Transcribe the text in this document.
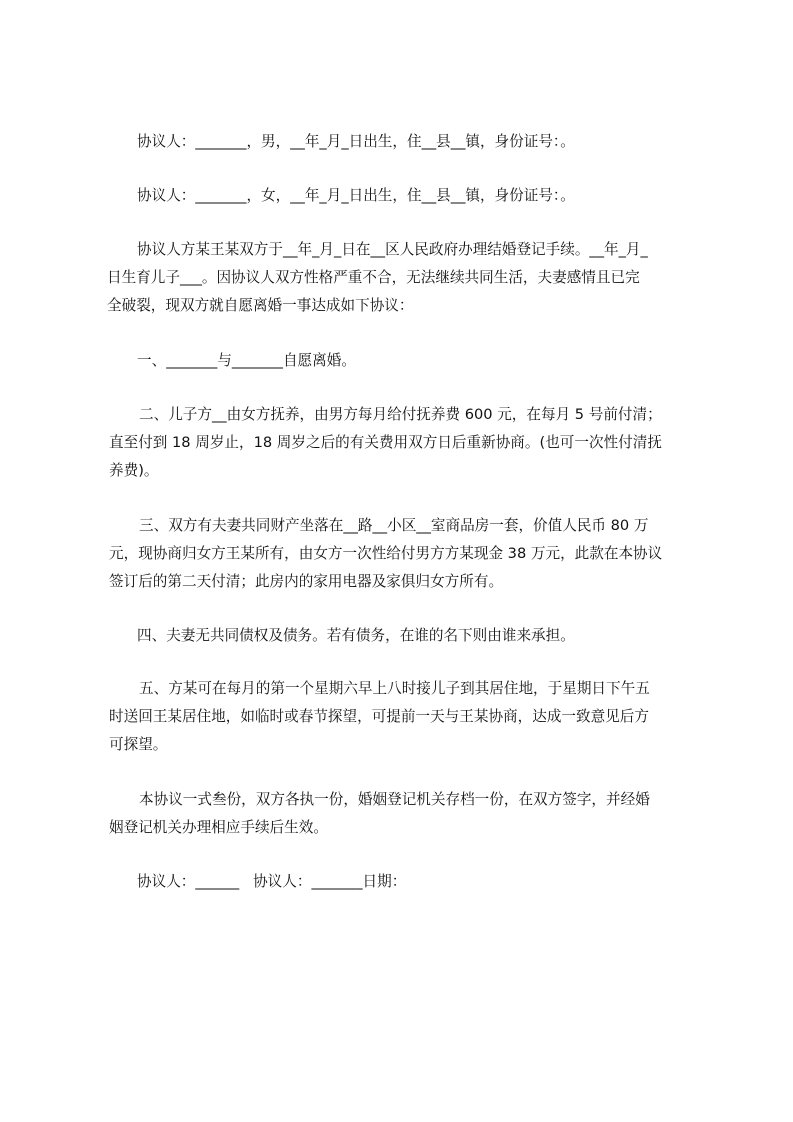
协议人：_______，男，__年_月_日出生，住__县__镇，身份证号：。

协议人：_______，女，__年_月_日出生，住__县__镇，身份证号：。

协议人方某王某双方于__年_月_日在__区人民政府办理结婚登记手续。__年_月_
日生育儿子___。因协议人双方性格严重不合，无法继续共同生活，夫妻感情且已完
全破裂，现双方就自愿离婚一事达成如下协议：

一、_______与_______自愿离婚。

二、儿子方__由女方抚养，由男方每月给付抚养费 600 元，在每月 5 号前付清；
直至付到 18 周岁止，18 周岁之后的有关费用双方日后重新协商。(也可一次性付清抚
养费)。

三、双方有夫妻共同财产坐落在__路__小区__室商品房一套，价值人民币 80 万
元，现协商归女方王某所有，由女方一次性给付男方方某现金 38 万元，此款在本协议
签订后的第二天付清；此房内的家用电器及家俱归女方所有。

四、夫妻无共同债权及债务。若有债务，在谁的名下则由谁来承担。

五、方某可在每月的第一个星期六早上八时接儿子到其居住地，于星期日下午五
时送回王某居住地，如临时或春节探望，可提前一天与王某协商，达成一致意见后方
可探望。

本协议一式叁份，双方各执一份，婚姻登记机关存档一份，在双方签字，并经婚
姻登记机关办理相应手续后生效。

协议人：______   协议人：_______日期：
